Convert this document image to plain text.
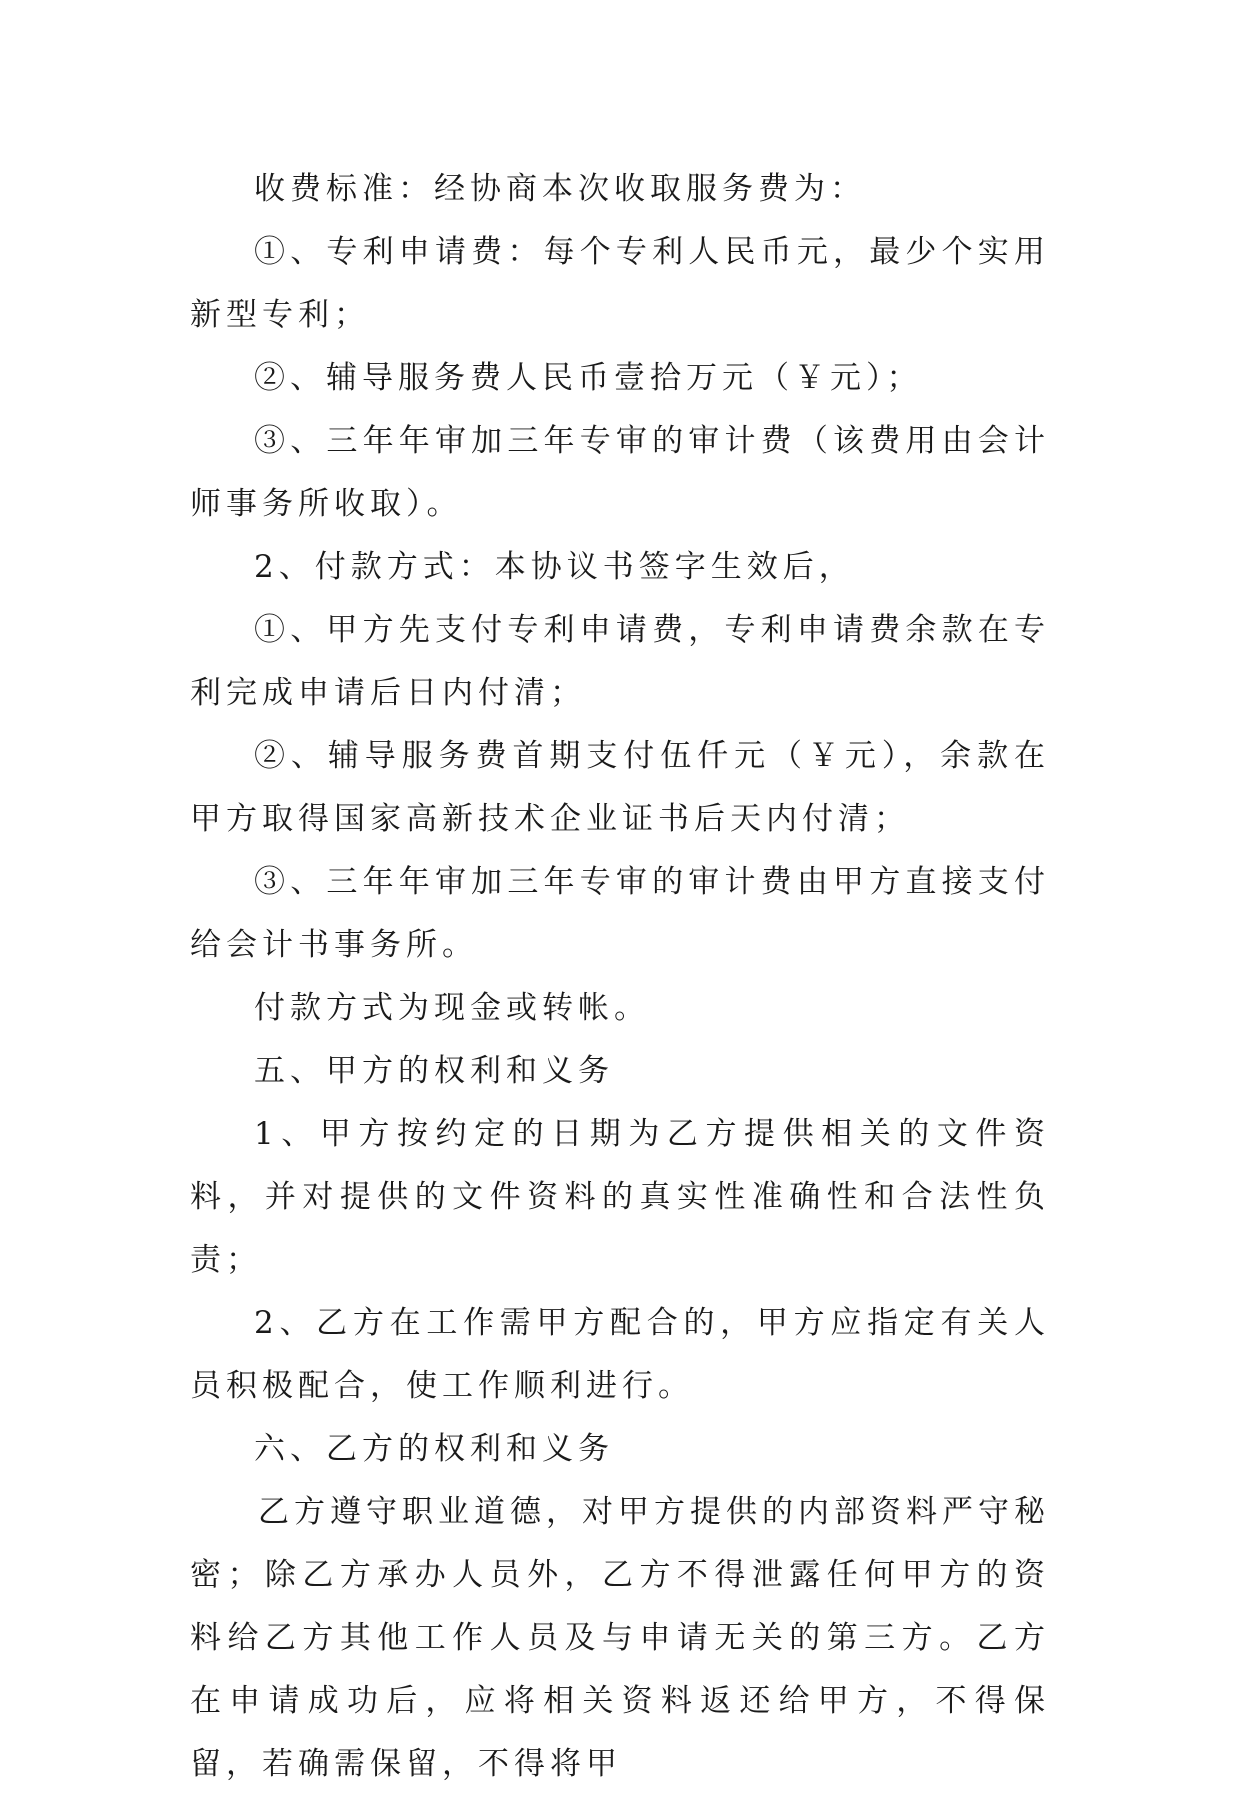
收费标准：经协商本次收取服务费为：

①、专利申请费：每个专利人民币元，最少个实用新型专利；

②、辅导服务费人民币壹拾万元（￥元）；

③、三年年审加三年专审的审计费（该费用由会计师事务所收取）。

2、付款方式：本协议书签字生效后，

①、甲方先支付专利申请费，专利申请费余款在专利完成申请后日内付清；

②、辅导服务费首期支付伍仟元（￥元），余款在甲方取得国家高新技术企业证书后天内付清；

③、三年年审加三年专审的审计费由甲方直接支付给会计书事务所。

付款方式为现金或转帐。

五、甲方的权利和义务

1、甲方按约定的日期为乙方提供相关的文件资料，并对提供的文件资料的真实性准确性和合法性负责；

2、乙方在工作需甲方配合的，甲方应指定有关人员积极配合，使工作顺利进行。

六、乙方的权利和义务

乙方遵守职业道德，对甲方提供的内部资料严守秘密；除乙方承办人员外，乙方不得泄露任何甲方的资料给乙方其他工作人员及与申请无关的第三方。乙方在申请成功后，应将相关资料返还给甲方，不得保留，若确需保留，不得将甲
